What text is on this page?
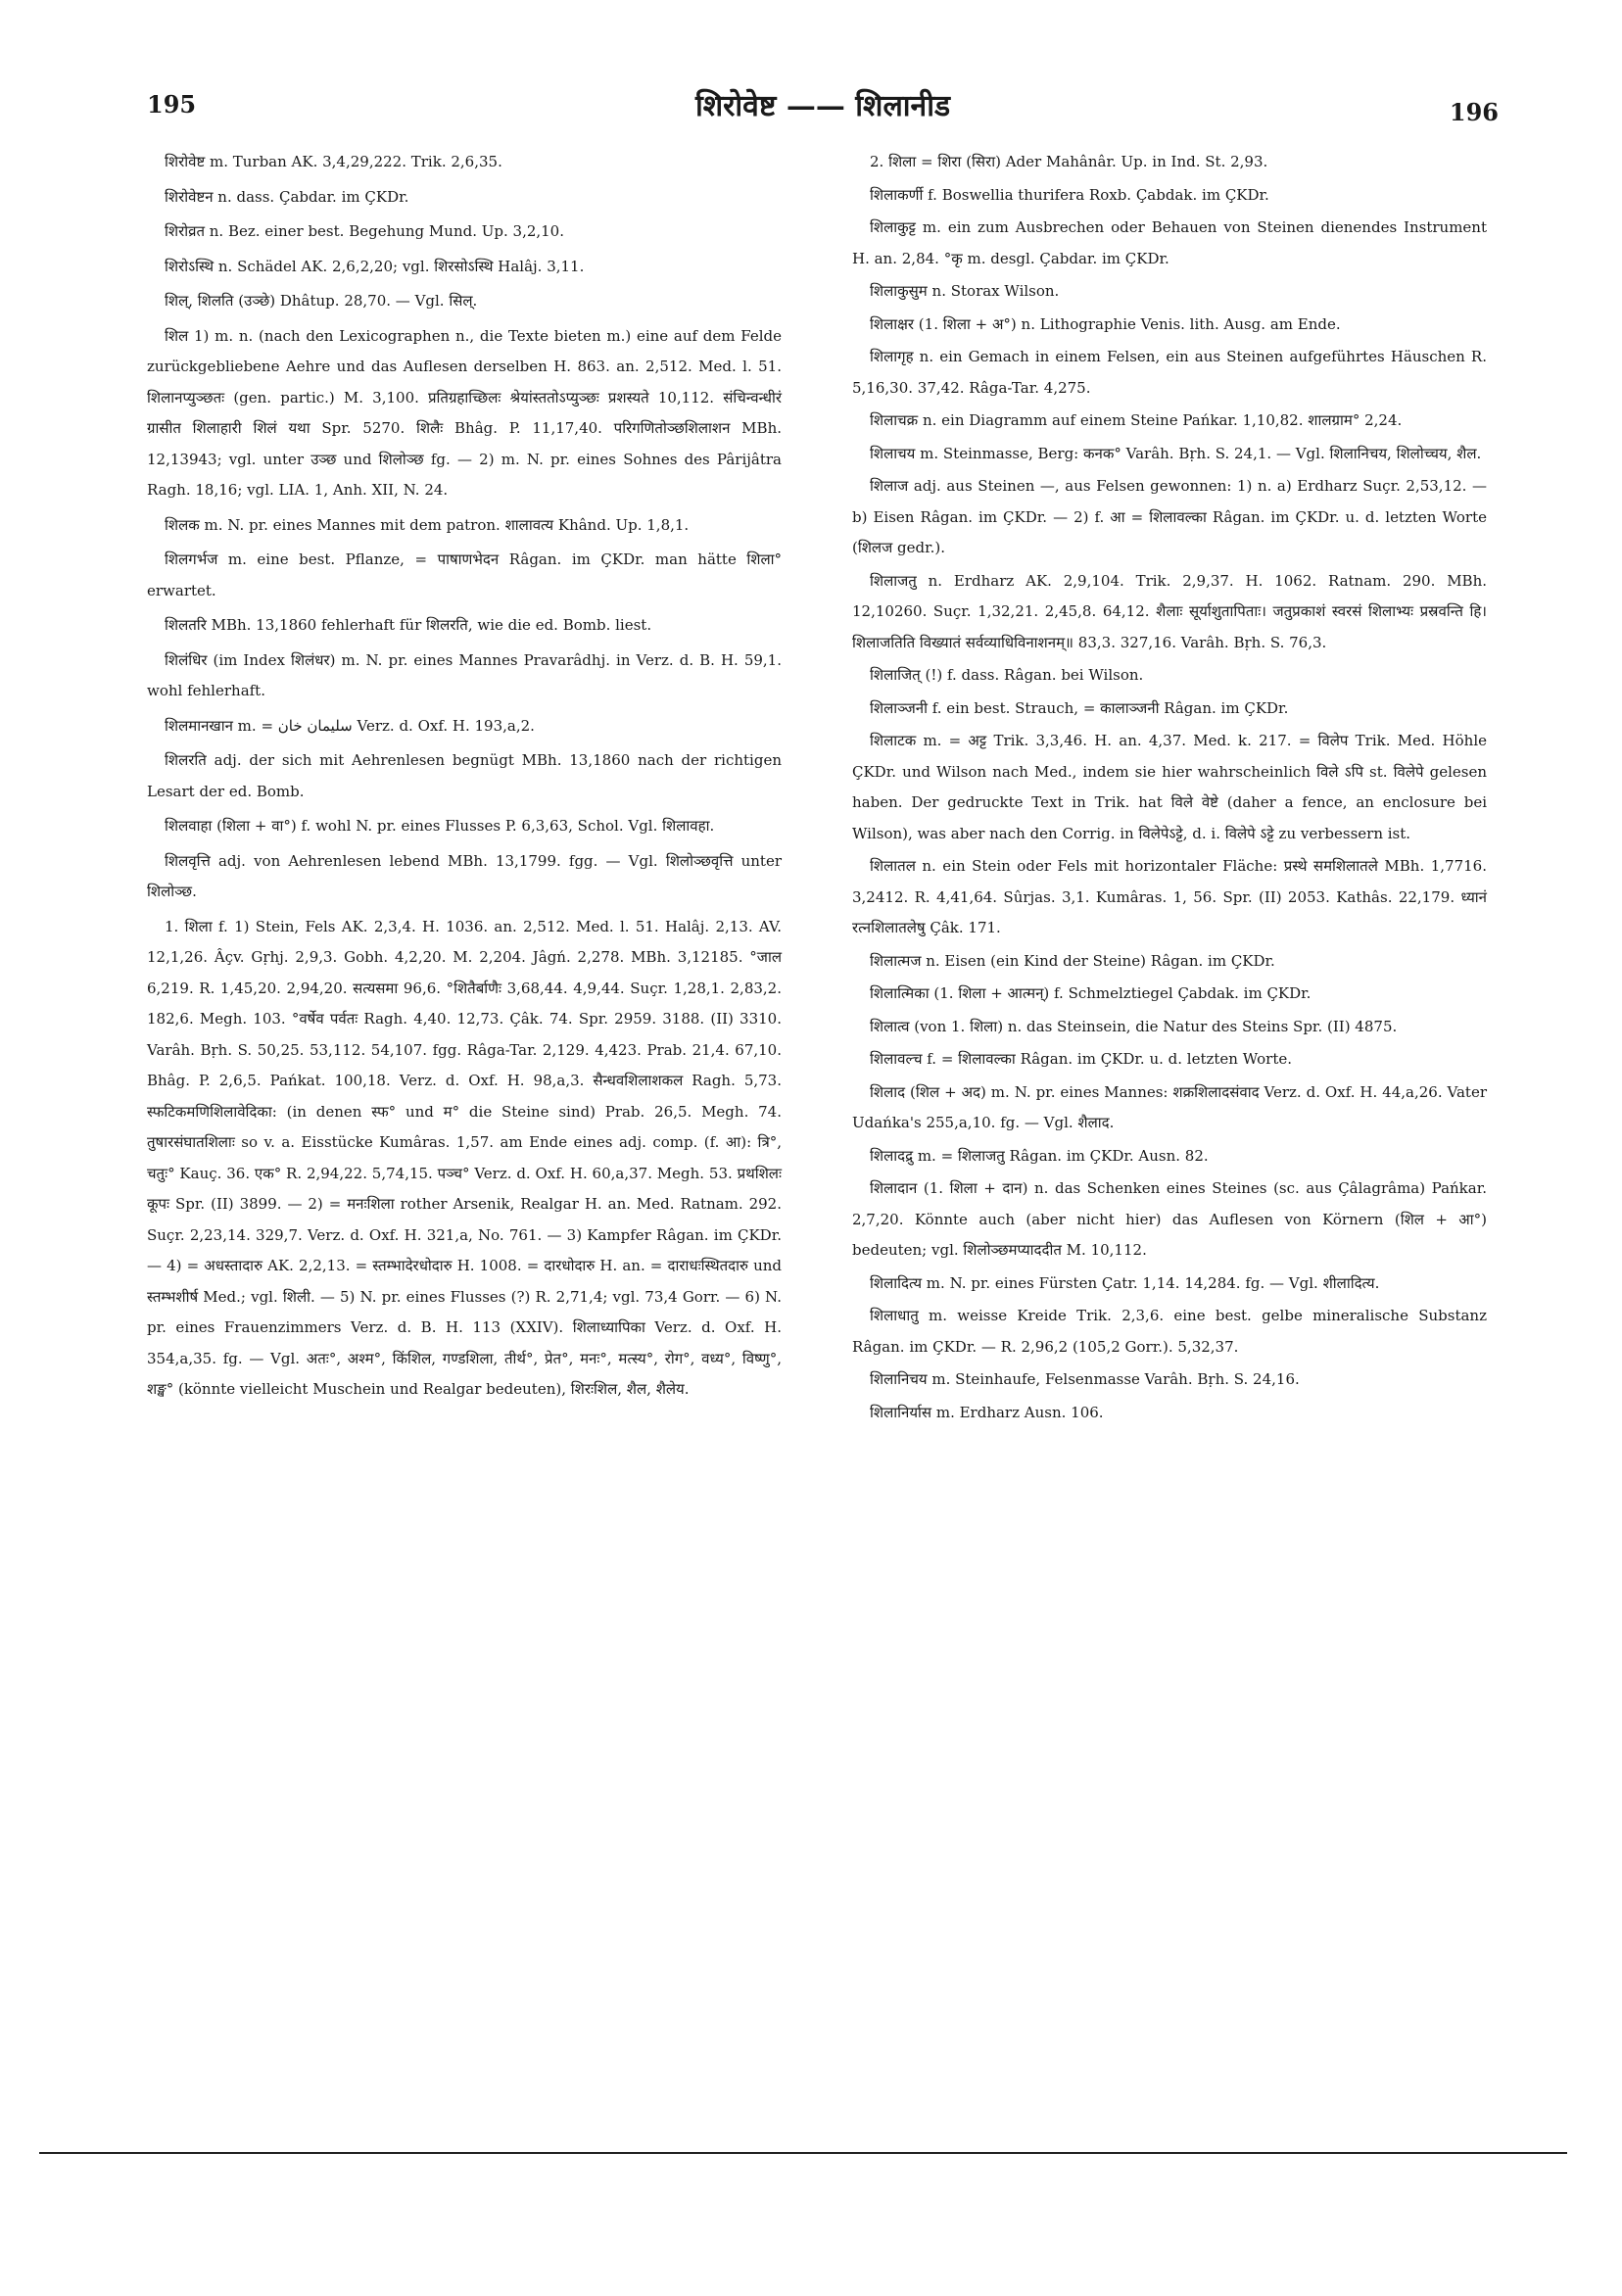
195	शिरोवेष्ट —— शिलानीड	196

शिरोवेष्ट m. Turban AK. 3,4,29,222. Trik. 2,6,35.

शिरोवेष्टन n. dass. Çabdar. im ÇKDr.

शिरोव्रत n. Bez. einer best. Begehung Mund. Up. 3,2,10.

शिरोऽस्थि n. Schädel AK. 2,6,2,20; vgl. शिरसोऽस्थि Halâj. 3,11.

शिल्, शिलति (उञ्छे) Dhâtup. 28,70. — Vgl. सिल्.

शिल 1) m. n. (nach den Lexicographen n., die Texte bieten m.) eine auf dem Felde zurückgebliebene Aehre und das Auflesen derselben H. 863. an. 2,512. Med. l. 51. शिलानप्युञ्छतः (gen. partic.) M. 3,100. प्रतिग्रहाच्छिलः श्रेयांस्ततोऽप्युञ्छः प्रशस्यते 10,112. संचिन्वन्धीरं ग्रासीत शिलाहारी शिलं यथा Spr. 5270. शिलैः Bhâg. P. 11,17,40. परिगणितोञ्छशिलाशन MBh. 12,13943; vgl. unter उञ्छ und शिलोञ्छ fg. — 2) m. N. pr. eines Sohnes des Pârijâtra Ragh. 18,16; vgl. LIA. 1, Anh. XII, N. 24.

शिलक m. N. pr. eines Mannes mit dem patron. शालावत्य Khând. Up. 1,8,1.

शिलगर्भज m. eine best. Pflanze, = पाषाणभेदन Râgan. im ÇKDr. man hätte शिला° erwartet.

शिलतरि MBh. 13,1860 fehlerhaft für शिलरति, wie die ed. Bomb. liest.

शिलंधिर (im Index शिलंधर) m. N. pr. eines Mannes Pravarâdhj. in Verz. d. B. H. 59,1. wohl fehlerhaft.

शिलमानखान m. = سليمان خان Verz. d. Oxf. H. 193,a,2.

शिलरति adj. der sich mit Aehrenlesen begnügt MBh. 13,1860 nach der richtigen Lesart der ed. Bomb.

शिलवाहा (शिला + वा°) f. wohl N. pr. eines Flusses P. 6,3,63, Schol. Vgl. शिलावहा.

शिलवृत्ति adj. von Aehrenlesen lebend MBh. 13,1799. fgg. — Vgl. शिलोञ्छवृत्ति unter शिलोञ्छ.

1. शिला f. 1) Stein, Fels AK. 2,3,4. H. 1036. an. 2,512. Med. l. 51. Halâj. 2,13. AV. 12,1,26. Âçv. Gṛhj. 2,9,3. Gobh. 4,2,20. M. 2,204. Jâgń. 2,278. MBh. 3,12185. °जाल 6,219. R. 1,45,20. 2,94,20. सत्यसमा 96,6. °शितैर्बाणैः 3,68,44. 4,9,44. Suçr. 1,28,1. 2,83,2. 182,6. Megh. 103. °वर्षेव पर्वतः Ragh. 4,40. 12,73. Çâk. 74. Spr. 2959. 3188. (II) 3310. Varâh. Bṛh. S. 50,25. 53,112. 54,107. fgg. Râga-Tar. 2,129. 4,423. Prab. 21,4. 67,10. Bhâg. P. 2,6,5. Pańkat. 100,18. Verz. d. Oxf. H. 98,a,3. सैन्धवशिलाशकल Ragh. 5,73. स्फटिकमणिशिलावेदिका: (in denen स्फ° und म° die Steine sind) Prab. 26,5. Megh. 74. तुषारसंघातशिलाः so v. a. Eisstücke Kumâras. 1,57. am Ende eines adj. comp. (f. आ): त्रि°, चतुः° Kauç. 36. एक° R. 2,94,22. 5,74,15. पञ्च° Verz. d. Oxf. H. 60,a,37. Megh. 53. प्रथशिलः कूपः Spr. (II) 3899. — 2) = मनःशिला rother Arsenik, Realgar H. an. Med. Ratnam. 292. Suçr. 2,23,14. 329,7. Verz. d. Oxf. H. 321,a, No. 761. — 3) Kampfer Râgan. im ÇKDr. — 4) = अधस्तादारु AK. 2,2,13. = स्तम्भादेरधोदारु H. 1008. = दारधोदारु H. an. = दाराधःस्थितदारु und स्तम्भशीर्ष Med.; vgl. शिली. — 5) N. pr. eines Flusses (?) R. 2,71,4; vgl. 73,4 Gorr. — 6) N. pr. eines Frauenzimmers Verz. d. B. H. 113 (XXIV). शिलाध्यापिका Verz. d. Oxf. H. 354,a,35. fg. — Vgl. अतः°, अश्म°, किंशिल, गण्डशिला, तीर्थ°, प्रेत°, मनः°, मत्स्य°, रोग°, वध्य°, विष्णु°, शङ्ख° (könnte vielleicht Muschein und Realgar bedeuten), शिरःशिल, शैल, शैलेय.

2. शिला = शिरा (सिरा) Ader Mahânâr. Up. in Ind. St. 2,93.

शिलाकर्णी f. Boswellia thurifera Roxb. Çabdak. im ÇKDr.

शिलाकुट्ट m. ein zum Ausbrechen oder Behauen von Steinen dienendes Instrument H. an. 2,84. °कृ m. desgl. Çabdar. im ÇKDr.

शिलाकुसुम n. Storax Wilson.

शिलाक्षर (1. शिला + अ°) n. Lithographie Venis. lith. Ausg. am Ende.

शिलागृह n. ein Gemach in einem Felsen, ein aus Steinen aufgeführtes Häuschen R. 5,16,30. 37,42. Râga-Tar. 4,275.

शिलाचक्र n. ein Diagramm auf einem Steine Pańkar. 1,10,82. शालग्राम° 2,24.

शिलाचय m. Steinmasse, Berg: कनक° Varâh. Bṛh. S. 24,1. — Vgl. शिलानिचय, शिलोच्चय, शैल.

शिलाज adj. aus Steinen —, aus Felsen gewonnen: 1) n. a) Erdharz Suçr. 2,53,12. — b) Eisen Râgan. im ÇKDr. — 2) f. आ = शिलावल्का Râgan. im ÇKDr. u. d. letzten Worte (शिलज gedr.).

शिलाजतु n. Erdharz AK. 2,9,104. Trik. 2,9,37. H. 1062. Ratnam. 290. MBh. 12,10260. Suçr. 1,32,21. 2,45,8. 64,12. शैलाः सूर्याशुतापिताः। जतुप्रकाशं स्वरसं शिलाभ्यः प्रस्रवन्ति हि। शिलाजतिति विख्यातं सर्वव्याधिविनाशनम्॥ 83,3. 327,16. Varâh. Bṛh. S. 76,3.

शिलाजित् (!) f. dass. Râgan. bei Wilson.

शिलाञ्जनी f. ein best. Strauch, = कालाञ्जनी Râgan. im ÇKDr.

शिलाटक m. = अट्ट Trik. 3,3,46. H. an. 4,37. Med. k. 217. = विलेप Trik. Med. Höhle ÇKDr. und Wilson nach Med., indem sie hier wahrscheinlich विले ऽपि st. विलेपे gelesen haben. Der gedruckte Text in Trik. hat विले वेष्टे (daher a fence, an enclosure bei Wilson), was aber nach den Corrig. in विलेपेऽट्टे, d. i. विलेपे ऽट्टे zu verbessern ist.

शिलातल n. ein Stein oder Fels mit horizontaler Fläche: प्रस्थे समशिलातले MBh. 1,7716. 3,2412. R. 4,41,64. Sûrjas. 3,1. Kumâras. 1, 56. Spr. (II) 2053. Kathâs. 22,179. ध्यानं रत्नशिलातलेषु Çâk. 171.

शिलात्मज n. Eisen (ein Kind der Steine) Râgan. im ÇKDr.

शिलात्मिका (1. शिला + आत्मन्) f. Schmelztiegel Çabdak. im ÇKDr.

शिलात्व (von 1. शिला) n. das Steinsein, die Natur des Steins Spr. (II) 4875.

शिलावल्च f. = शिलावल्का Râgan. im ÇKDr. u. d. letzten Worte.

शिलाद (शिल + अद) m. N. pr. eines Mannes: शक्रशिलादसंवाद Verz. d. Oxf. H. 44,a,26. Vater Udańka's 255,a,10. fg. — Vgl. शैलाद.

शिलादद्रु m. = शिलाजतु Râgan. im ÇKDr. Ausn. 82.

शिलादान (1. शिला + दान) n. das Schenken eines Steines (sc. aus Çâlagrâma) Pańkar. 2,7,20. Könnte auch (aber nicht hier) das Auflesen von Körnern (शिल + आ°) bedeuten; vgl. शिलोञ्छमप्याददीत M. 10,112.

शिलादित्य m. N. pr. eines Fürsten Çatr. 1,14. 14,284. fg. — Vgl. शीलादित्य.

शिलाधातु m. weisse Kreide Trik. 2,3,6. eine best. gelbe mineralische Substanz Râgan. im ÇKDr. — R. 2,96,2 (105,2 Gorr.). 5,32,37.

शिलानिचय m. Steinhaufe, Felsenmasse Varâh. Bṛh. S. 24,16.

शिलानिर्यास m. Erdharz Ausn. 106.
